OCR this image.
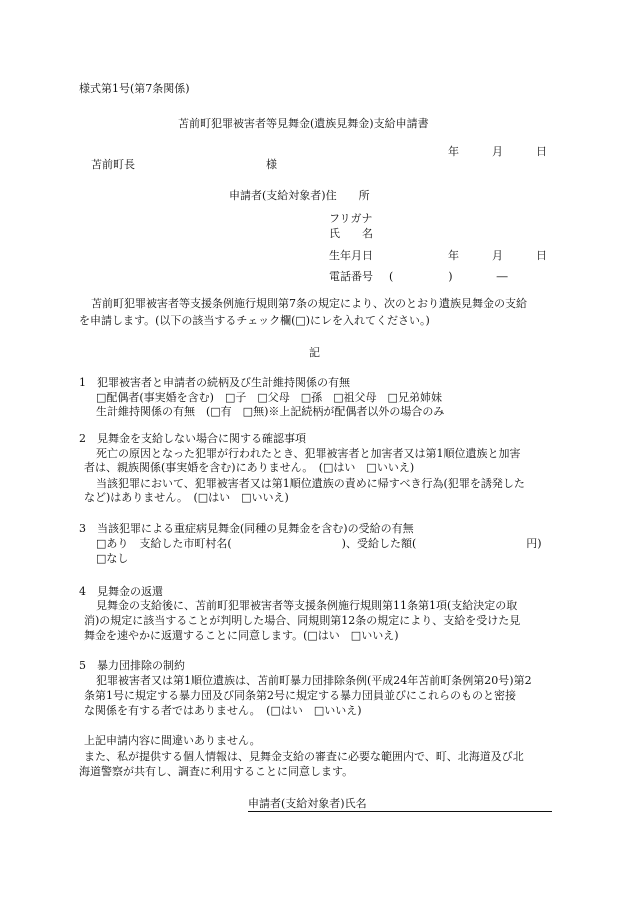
様式第1号(第7条関係)
苫前町犯罪被害者等見舞金(遺族見舞金)支給申請書
年　　　月　　　日
苫前町長	様
申請者(支給対象者)住　　所
フリガナ
氏　　名
生年月日	年　　　月　　　日
電話番号 (　　　　　)　　　　―
苫前町犯罪被害者等支援条例施行規則第7条の規定により、次のとおり遺族見舞金の支給
を申請します。(以下の該当するチェック欄(□)にレを入れてください。)
記
1　犯罪被害者と申請者の続柄及び生計維持関係の有無
□配偶者(事実婚を含む)　□子　□父母　□孫　□祖父母　□兄弟姉妹
生計維持関係の有無　(□有　□無)※上記続柄が配偶者以外の場合のみ
2　見舞金を支給しない場合に関する確認事項
死亡の原因となった犯罪が行われたとき、犯罪被害者と加害者又は第1順位遺族と加害
者は、親族関係(事実婚を含む)にありません。　(□はい　□いいえ)
当該犯罪において、犯罪被害者又は第1順位遺族の責めに帰すべき行為(犯罪を誘発した
など)はありません。　(□はい　□いいえ)
3　当該犯罪による重症病見舞金(同種の見舞金を含む)の受給の有無
□あり　支給した市町村名(　　　　　　　　　　)、受給した額(　　　　　　　　　　円)
□なし
4　見舞金の返還
見舞金の支給後に、苫前町犯罪被害者等支援条例施行規則第11条第1項(支給決定の取
消)の規定に該当することが判明した場合、同規則第12条の規定により、支給を受けた見
舞金を速やかに返還することに同意します。(□はい　□いいえ)
5　暴力団排除の制約
犯罪被害者又は第1順位遺族は、苫前町暴力団排除条例(平成24年苫前町条例第20号)第2
条第1号に規定する暴力団及び同条第2号に規定する暴力団員並びにこれらのものと密接
な関係を有する者ではありません。　(□はい　□いいえ)
上記申請内容に間違いありません。
また、私が提供する個人情報は、見舞金支給の審査に必要な範囲内で、町、北海道及び北
海道警察が共有し、調査に利用することに同意します。
申請者(支給対象者)氏名
